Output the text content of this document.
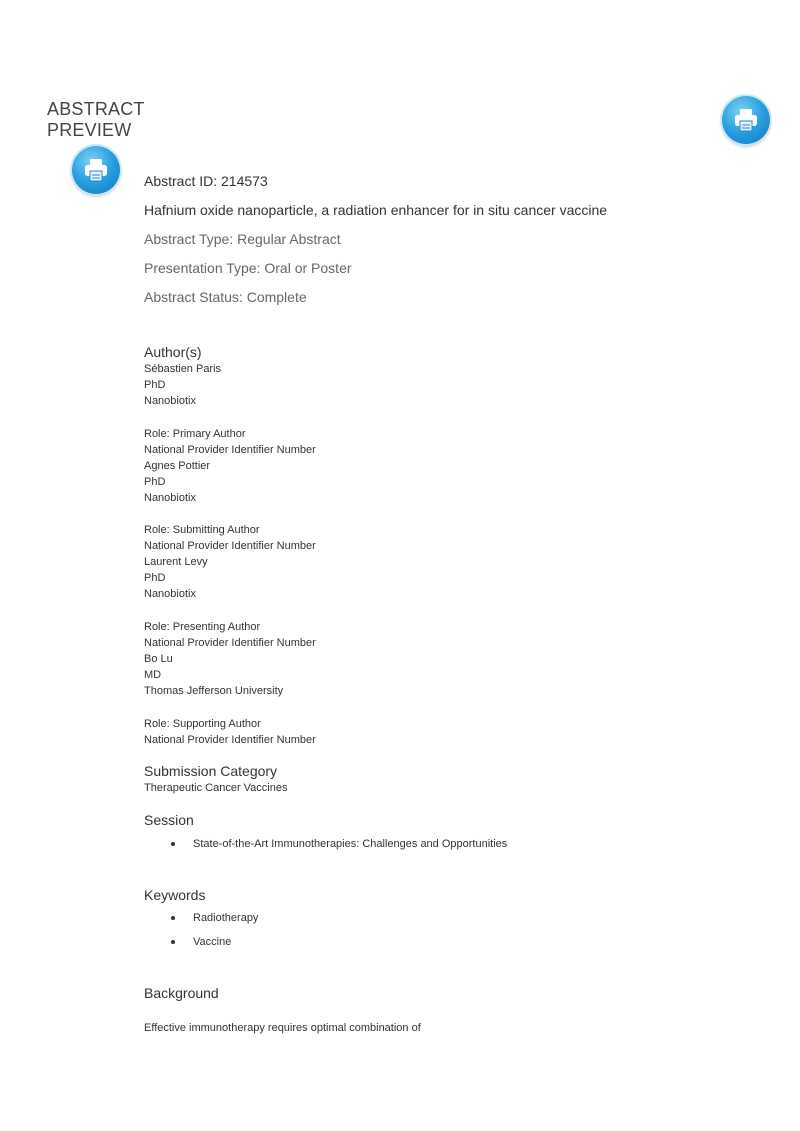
ABSTRACT
PREVIEW
Abstract ID: 214573
Hafnium oxide nanoparticle, a radiation enhancer for in situ cancer vaccine
Abstract Type: Regular Abstract
Presentation Type: Oral or Poster
Abstract Status: Complete
Author(s)
Sébastien Paris
PhD
Nanobiotix
Role: Primary Author
National Provider Identifier Number
Agnes Pottier
PhD
Nanobiotix
Role: Submitting Author
National Provider Identifier Number
Laurent Levy
PhD
Nanobiotix
Role: Presenting Author
National Provider Identifier Number
Bo Lu
MD
Thomas Jefferson University
Role: Supporting Author
National Provider Identifier Number
Submission Category
Therapeutic Cancer Vaccines
Session
State-of-the-Art Immunotherapies: Challenges and Opportunities
Keywords
Radiotherapy
Vaccine
Background
Effective immunotherapy requires optimal combination of
